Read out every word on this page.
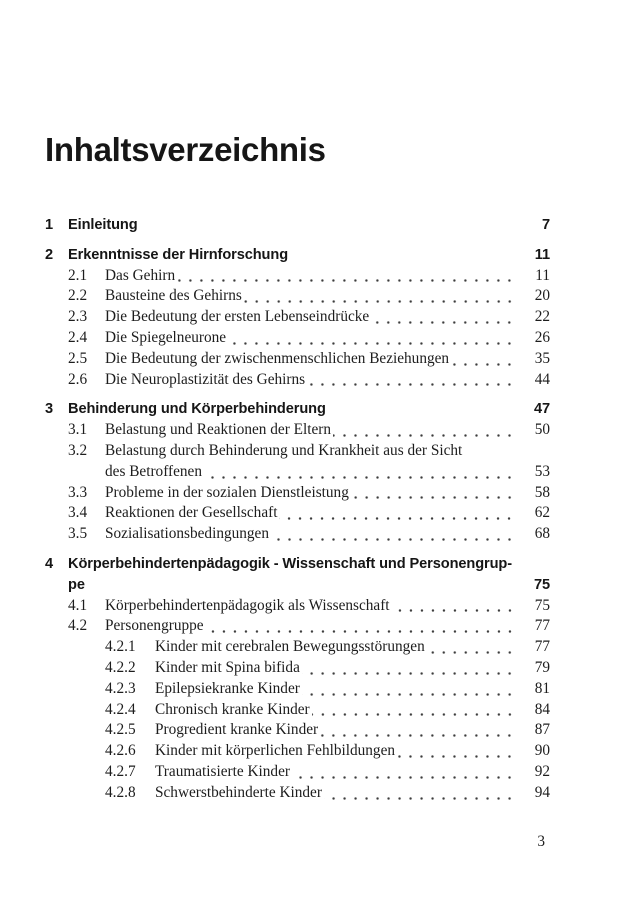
Inhaltsverzeichnis
1	Einleitung	7
2	Erkenntnisse der Hirnforschung	11
2.1	Das Gehirn	11
2.2	Bausteine des Gehirns	20
2.3	Die Bedeutung der ersten Lebenseindrücke	22
2.4	Die Spiegelneurone	26
2.5	Die Bedeutung der zwischenmenschlichen Beziehungen	35
2.6	Die Neuroplastizität des Gehirns	44
3	Behinderung und Körperbehinderung	47
3.1	Belastung und Reaktionen der Eltern	50
3.2	Belastung durch Behinderung und Krankheit aus der Sicht
des Betroffenen	53
3.3	Probleme in der sozialen Dienstleistung	58
3.4	Reaktionen der Gesellschaft	62
3.5	Sozialisationsbedingungen	68
4	Körperbehindertenpädagogik - Wissenschaft und Personengrup-
pe	75
4.1	Körperbehindertenpädagogik als Wissenschaft	75
4.2	Personengruppe	77
4.2.1	Kinder mit cerebralen Bewegungsstörungen	77
4.2.2	Kinder mit Spina bifida	79
4.2.3	Epilepsiekranke Kinder	81
4.2.4	Chronisch kranke Kinder	84
4.2.5	Progredient kranke Kinder	87
4.2.6	Kinder mit körperlichen Fehlbildungen	90
4.2.7	Traumatisierte Kinder	92
4.2.8	Schwerstbehinderte Kinder	94
3
